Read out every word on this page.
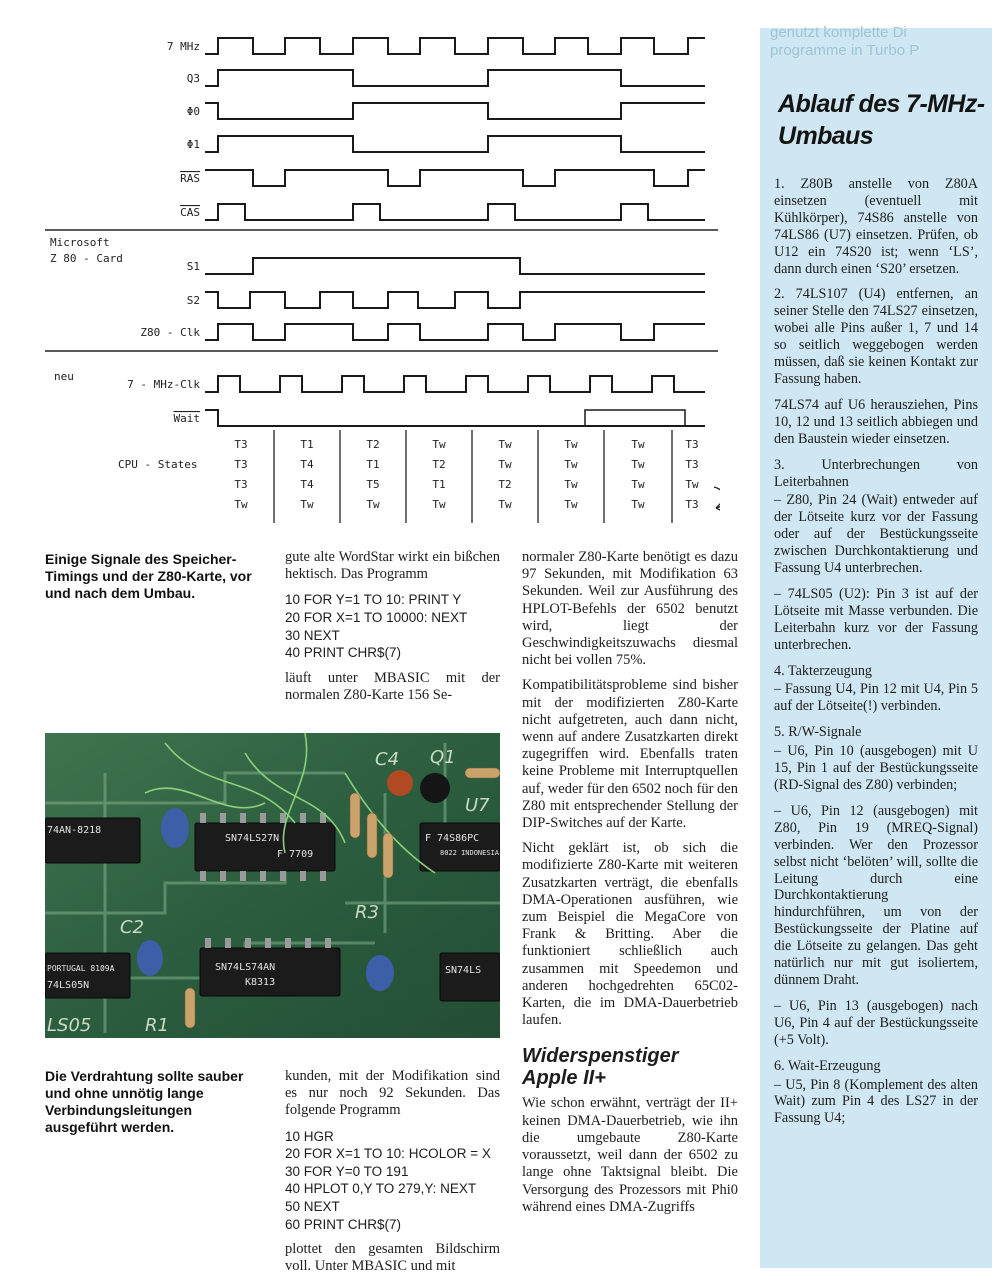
7 MHz
Q3
Φ0
Φ1
RAS
CAS
S1
S2
Z80 - Clk
7 - MHz-Clk
Wait
Microsoft
Z 80 - Card
neu
CPU - States
T3
T3
T3
Tw
T1
T4
T4
Tw
T2
T1
T5
Tw
Tw
T2
T1
Tw
Tw
Tw
T2
Tw
Tw
Tw
Tw
Tw
Tw
Tw
Tw
Tw
T3
T3
Tw
T3
Einige Signale des Speicher-Timings und der Z80-Karte, vor und nach dem Umbau.
Die Verdrahtung sollte sauber und ohne unnötig lange Verbindungsleitungen ausgeführt werden.

gute alte WordStar wirkt ein bißchen hektisch. Das Programm

10 FOR Y=1 TO 10: PRINT Y
20 FOR X=1 TO 10000: NEXT
30 NEXT
40 PRINT CHR$(7)

läuft unter MBASIC mit der normalen Z80-Karte 156 Se-

SN74LS27N
F 7709
74LS05N
74AN-8218
F 74S86PC
8022 INDONESIA
SN74LS74AN
K8313
SN74LS
PORTUGAL 8109A
U7
R3
R1
LS05
C4
C2
Q1

kunden, mit der Modifikation sind es nur noch 92 Sekunden. Das folgende Programm

10 HGR
20 FOR X=1 TO 10: HCOLOR = X
30 FOR Y=0 TO 191
40 HPLOT 0,Y TO 279,Y: NEXT
50 NEXT
60 PRINT CHR$(7)

plottet den gesamten Bildschirm voll. Unter MBASIC und mit

normaler Z80-Karte benötigt es dazu 97 Sekunden, mit Modifikation 63 Sekunden. Weil zur Ausführung des HPLOT-Befehls der 6502 benutzt wird, liegt der Geschwindigkeitszuwachs diesmal nicht bei vollen 75%.

Kompatibilitätsprobleme sind bisher mit der modifizierten Z80-Karte nicht aufgetreten, auch dann nicht, wenn auf andere Zusatzkarten direkt zugegriffen wird. Ebenfalls traten keine Probleme mit Interruptquellen auf, weder für den 6502 noch für den Z80 mit entsprechender Stellung der DIP-Switches auf der Karte.

Nicht geklärt ist, ob sich die modifizierte Z80-Karte mit weiteren Zusatzkarten verträgt, die ebenfalls DMA-Operationen ausführen, wie zum Beispiel die MegaCore von Frank & Britting. Aber die funktioniert schließlich auch zusammen mit Speedemon und anderen hochgedrehten 65C02-Karten, die im DMA-Dauerbetrieb laufen.

Widerspenstiger Apple II+

Wie schon erwähnt, verträgt der II+ keinen DMA-Dauerbetrieb, wie ihn die umgebaute Z80-Karte voraussetzt, weil dann der 6502 zu lange ohne Taktsignal bleibt. Die Versorgung des Prozessors mit Phi0 während eines DMA-Zugriffs

genutzt komplette Di
programme in Turbo P
Ablauf des 7-MHz-Umbaus

1. Z80B anstelle von Z80A einsetzen (eventuell mit Kühlkörper), 74S86 anstelle von 74LS86 (U7) einsetzen. Prüfen, ob U12 ein 74S20 ist; wenn ‘LS’, dann durch einen ‘S20’ ersetzen.

2. 74LS107 (U4) entfernen, an seiner Stelle den 74LS27 einsetzen, wobei alle Pins außer 1, 7 und 14 so seitlich weggebogen werden müssen, daß sie keinen Kontakt zur Fassung haben.

74LS74 auf U6 herausziehen, Pins 10, 12 und 13 seitlich abbiegen und den Baustein wieder einsetzen.

3. Unterbrechungen von Leiterbahnen

– Z80, Pin 24 (Wait) entweder auf der Lötseite kurz vor der Fassung oder auf der Bestückungsseite zwischen Durchkontaktierung und Fassung U4 unterbrechen.

– 74LS05 (U2): Pin 3 ist auf der Lötseite mit Masse verbunden. Die Leiterbahn kurz vor der Fassung unterbrechen.

4. Takterzeugung

– Fassung U4, Pin 12 mit U4, Pin 5 auf der Lötseite(!) verbinden.

5. R/W-Signale

– U6, Pin 10 (ausgebogen) mit U 15, Pin 1 auf der Bestückungsseite (RD-Signal des Z80) verbinden;

– U6, Pin 12 (ausgebogen) mit Z80, Pin 19 (MREQ-Signal) verbinden. Wer den Prozessor selbst nicht ‘belöten’ will, sollte die Leitung durch eine Durchkontaktierung hindurchführen, um von der Bestückungsseite der Platine auf die Lötseite zu gelangen. Das geht natürlich nur mit gut isoliertem, dünnem Draht.

– U6, Pin 13 (ausgebogen) nach U6, Pin 4 auf der Bestückungsseite (+5 Volt).

6. Wait-Erzeugung

– U5, Pin 8 (Komplement des alten Wait) zum Pin 4 des LS27 in der Fassung U4;
